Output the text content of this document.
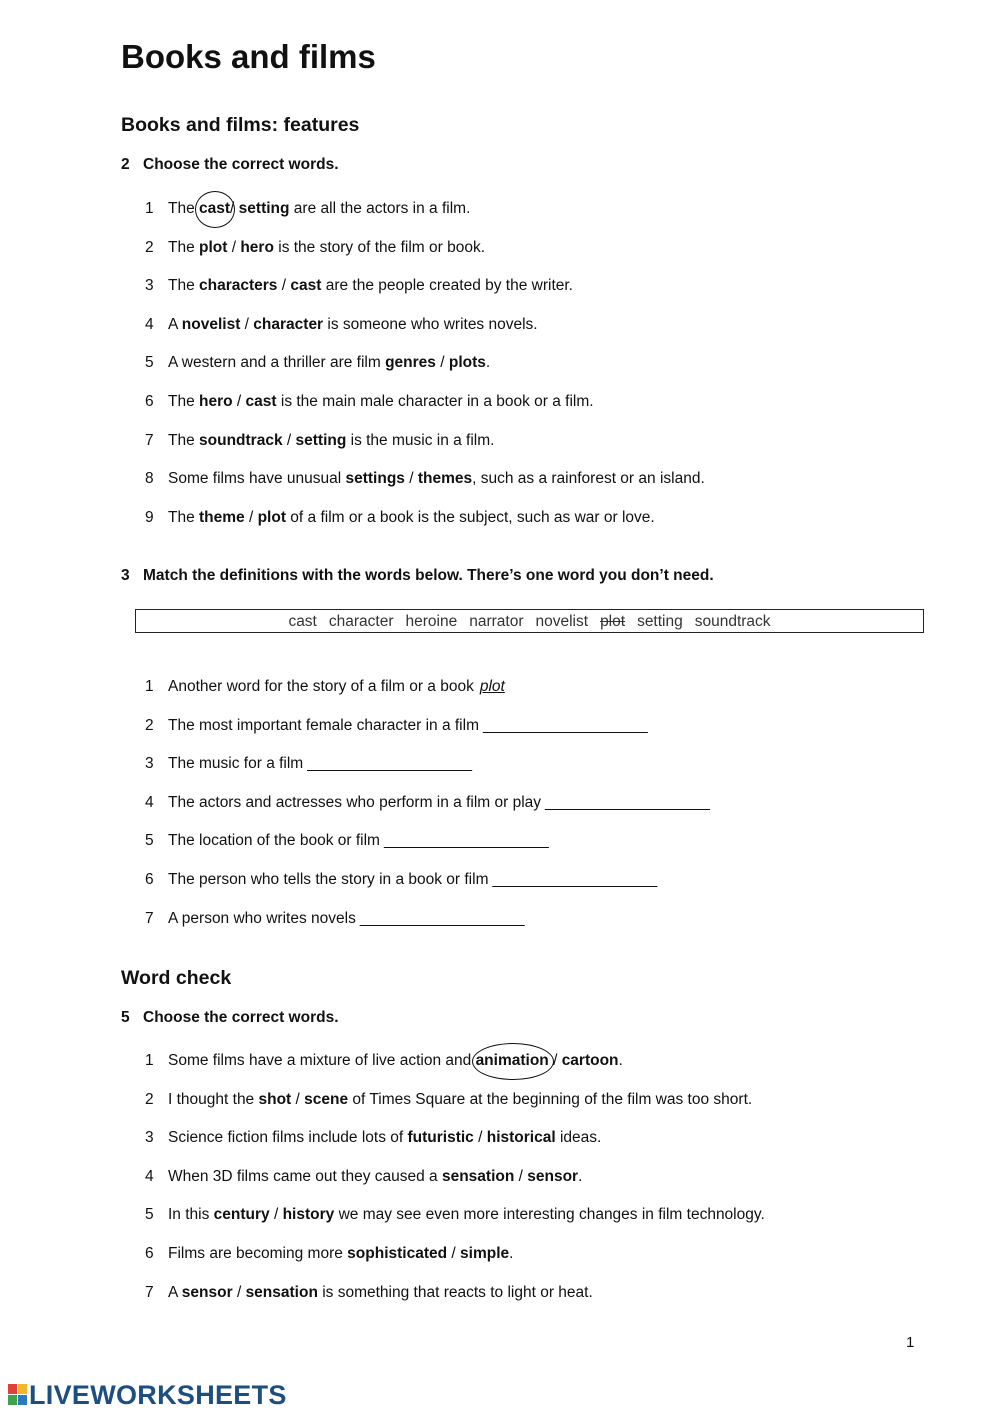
Books and films
Books and films: features
2 Choose the correct words.
1 The cast/ setting are all the actors in a film.
2 The plot / hero is the story of the film or book.
3 The characters / cast are the people created by the writer.
4 A novelist / character is someone who writes novels.
5 A western and a thriller are film genres / plots.
6 The hero / cast is the main male character in a book or a film.
7 The soundtrack / setting is the music in a film.
8 Some films have unusual settings / themes, such as a rainforest or an island.
9 The theme / plot of a film or a book is the subject, such as war or love.
3 Match the definitions with the words below. There’s one word you don’t need.
cast character heroine narrator novelist plot setting soundtrack
1 Another word for the story of a film or a book plot
2 The most important female character in a film ____________________
3 The music for a film ____________________
4 The actors and actresses who perform in a film or play ____________________
5 The location of the book or film ____________________
6 The person who tells the story in a book or film ____________________
7 A person who writes novels ____________________
Word check
5 Choose the correct words.
1 Some films have a mixture of live action and animation / cartoon.
2 I thought the shot / scene of Times Square at the beginning of the film was too short.
3 Science fiction films include lots of futuristic / historical ideas.
4 When 3D films came out they caused a sensation / sensor.
5 In this century / history we may see even more interesting changes in film technology.
6 Films are becoming more sophisticated / simple.
7 A sensor / sensation is something that reacts to light or heat.
1
LIVEWORKSHEETS
